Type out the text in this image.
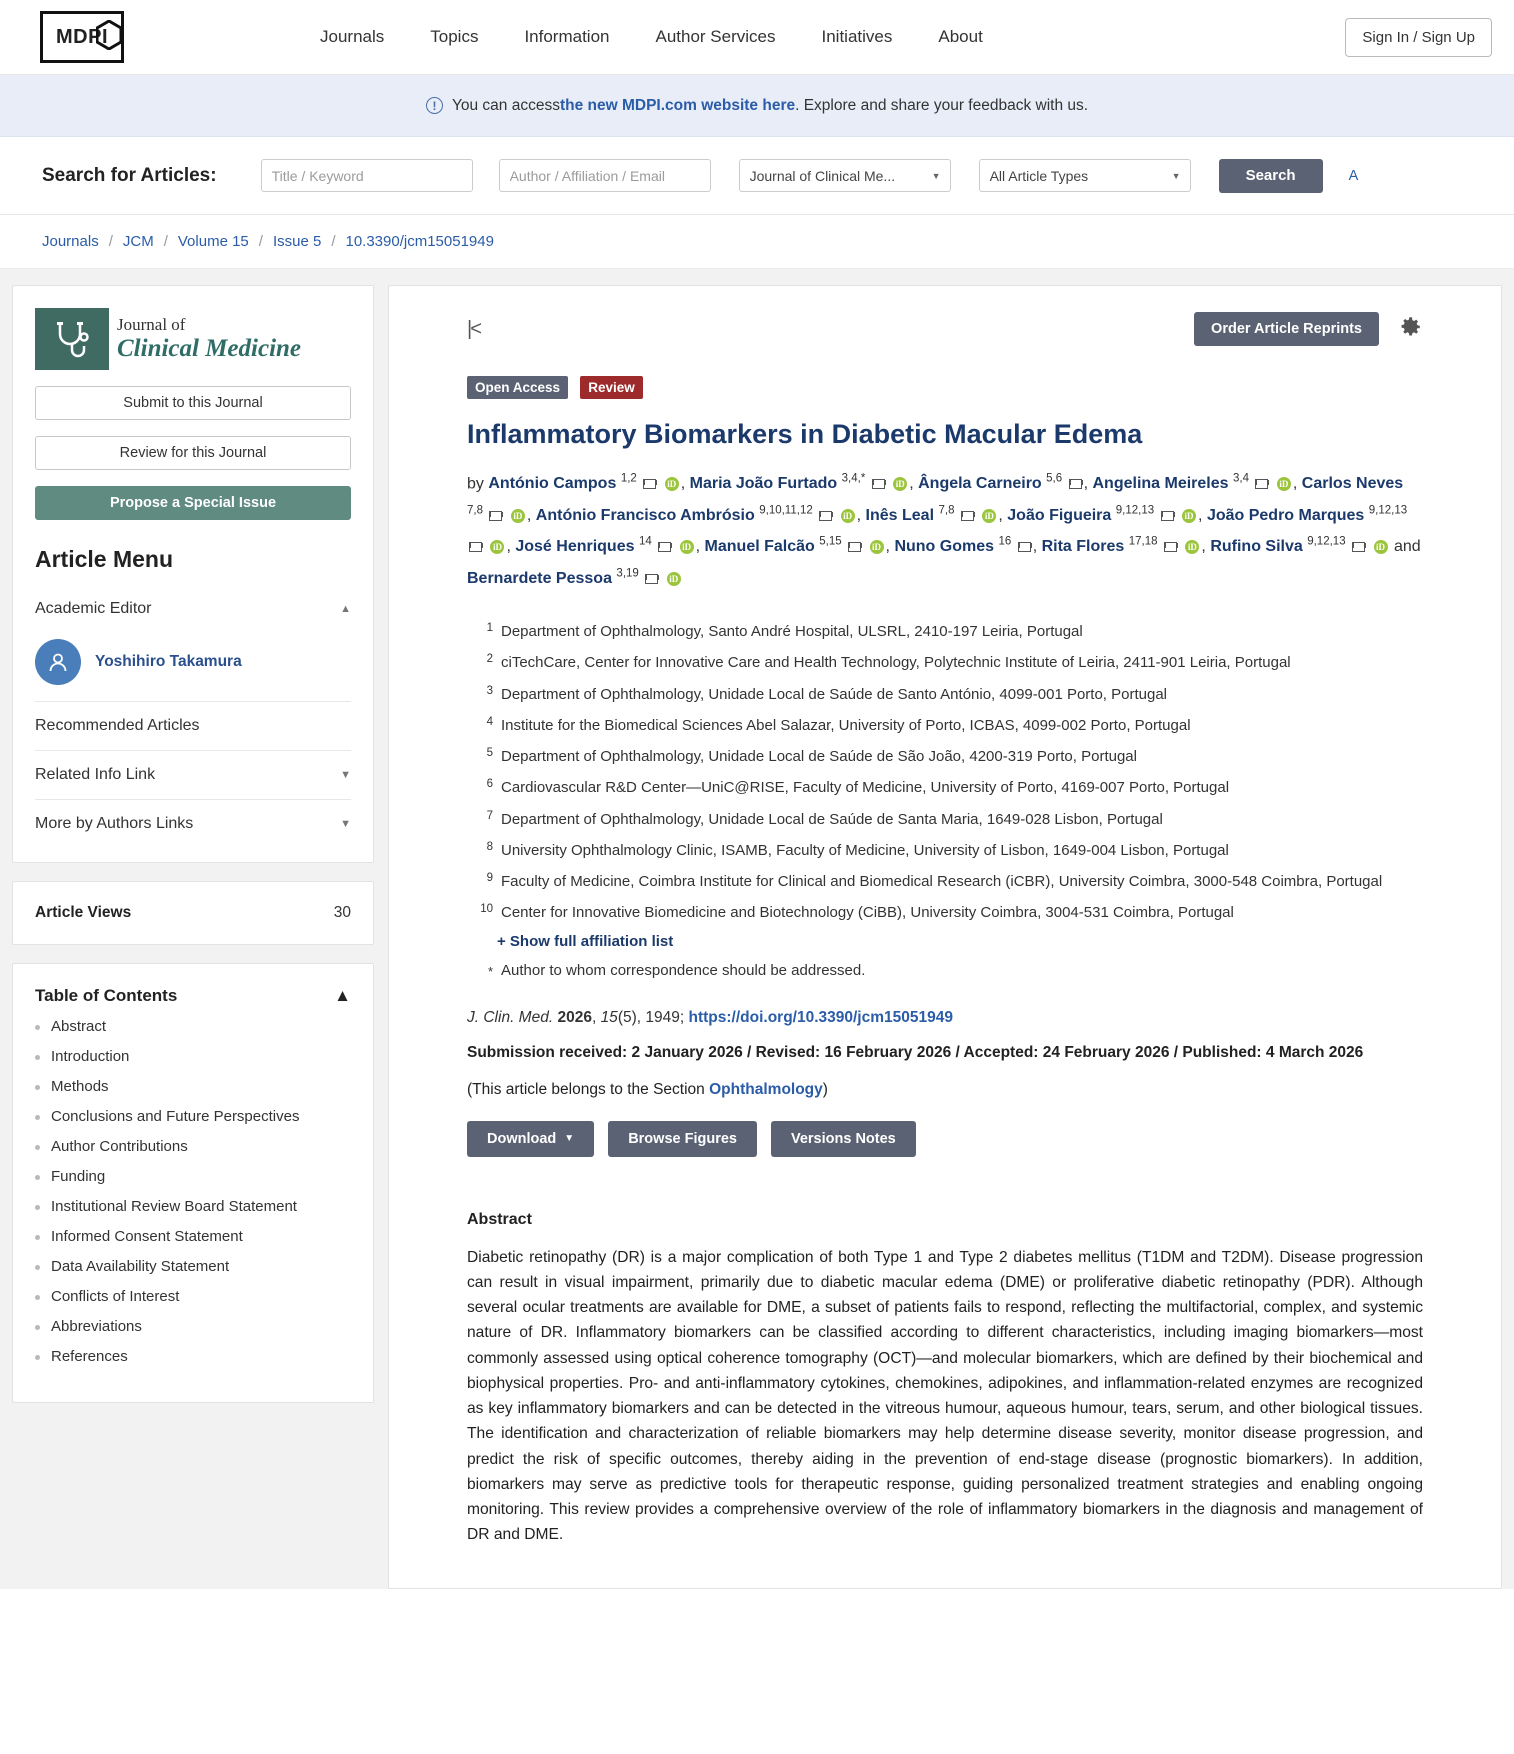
MDPI	Journals	Topics	Information	Author Services	Initiatives	About	Sign In / Sign Up
!	You can access the new MDPI.com website here . Explore and share your feedback with us.
Search for Articles:
Title / Keyword
Author / Affiliation / Email	Journal of Clinical Me...	▼	All Article Types	▼	Search	A
Journals / JCM / Volume 15 / Issue 5 / 10.3390/jcm15051949
Journal of
Clinical Medicine
Submit to this Journal
Review for this Journal
Propose a Special Issue
Article Menu
Academic Editor	▲
Yoshihiro Takamura
Recommended Articles
Related Info Link	▼
More by Authors Links	▼
Article Views	30
Table of Contents	▲
Abstract
Introduction
Methods
Conclusions and Future Perspectives
Author Contributions
Funding
Institutional Review Board Statement
Informed Consent Statement
Data Availability Statement
Conflicts of Interest
Abbreviations
References
|<	Order Article Reprints
Open Access Review
Inflammatory Biomarkers in Diabetic Macular Edema
by António Campos $^{1,2}$	iD , Maria João Furtado $^{3,4,*}$	iD , Ângela Carneiro $^{5,6}$ , Angelina Meireles $^{3,4}$	iD , Carlos Neves $^{7,8}$	iD , António Francisco Ambrósio $^{9,10,11,12}$	iD , Inês Leal $^{7,8}$	iD , João Figueira $^{9,12,13}$	iD , João Pedro Marques $^{9,12,13}$  iD , José Henriques $^{14}$	iD , Manuel Falcão $^{5,15}$	iD , Nuno Gomes $^{16}$ , Rita Flores $^{17,18}$	iD , Rufino Silva $^{9,12,13}$	iD and Bernardete Pessoa $^{3,19}$	iD
1 Department of Ophthalmology, Santo André Hospital, ULSRL, 2410-197 Leiria, Portugal
2 ciTechCare, Center for Innovative Care and Health Technology, Polytechnic Institute of Leiria, 2411-901 Leiria, Portugal
3 Department of Ophthalmology, Unidade Local de Saúde de Santo António, 4099-001 Porto, Portugal
4 Institute for the Biomedical Sciences Abel Salazar, University of Porto, ICBAS, 4099-002 Porto, Portugal
5 Department of Ophthalmology, Unidade Local de Saúde de São João, 4200-319 Porto, Portugal
6 Cardiovascular R&D Center—UniC@RISE, Faculty of Medicine, University of Porto, 4169-007 Porto, Portugal
7 Department of Ophthalmology, Unidade Local de Saúde de Santa Maria, 1649-028 Lisbon, Portugal
8 University Ophthalmology Clinic, ISAMB, Faculty of Medicine, University of Lisbon, 1649-004 Lisbon, Portugal
9 Faculty of Medicine, Coimbra Institute for Clinical and Biomedical Research (iCBR), University Coimbra, 3000-548 Coimbra, Portugal
10 Center for Innovative Biomedicine and Biotechnology (CiBB), University Coimbra, 3004-531 Coimbra, Portugal
+ Show full affiliation list
* Author to whom correspondence should be addressed.
J. Clin. Med. 2026, 15(5), 1949; https://doi.org/10.3390/jcm15051949
Submission received: 2 January 2026 / Revised: 16 February 2026 / Accepted: 24 February 2026 / Published: 4 March 2026
(This article belongs to the Section Ophthalmology)
Download ▼	Browse Figures	Versions Notes
Abstract

Diabetic retinopathy (DR) is a major complication of both Type 1 and Type 2 diabetes mellitus (T1DM and T2DM). Disease progression can result in visual impairment, primarily due to diabetic macular edema (DME) or proliferative diabetic retinopathy (PDR). Although several ocular treatments are available for DME, a subset of patients fails to respond, reflecting the multifactorial, complex, and systemic nature of DR. Inflammatory biomarkers can be classified according to different characteristics, including imaging biomarkers—most commonly assessed using optical coherence tomography (OCT)—and molecular biomarkers, which are defined by their biochemical and biophysical properties. Pro- and anti-inflammatory cytokines, chemokines, adipokines, and inflammation-related enzymes are recognized as key inflammatory biomarkers and can be detected in the vitreous humour, aqueous humour, tears, serum, and other biological tissues. The identification and characterization of reliable biomarkers may help determine disease severity, monitor disease progression, and predict the risk of specific outcomes, thereby aiding in the prevention of end-stage disease (prognostic biomarkers). In addition, biomarkers may serve as predictive tools for therapeutic response, guiding personalized treatment strategies and enabling ongoing monitoring. This review provides a comprehensive overview of the role of inflammatory biomarkers in the diagnosis and management of DR and DME.
